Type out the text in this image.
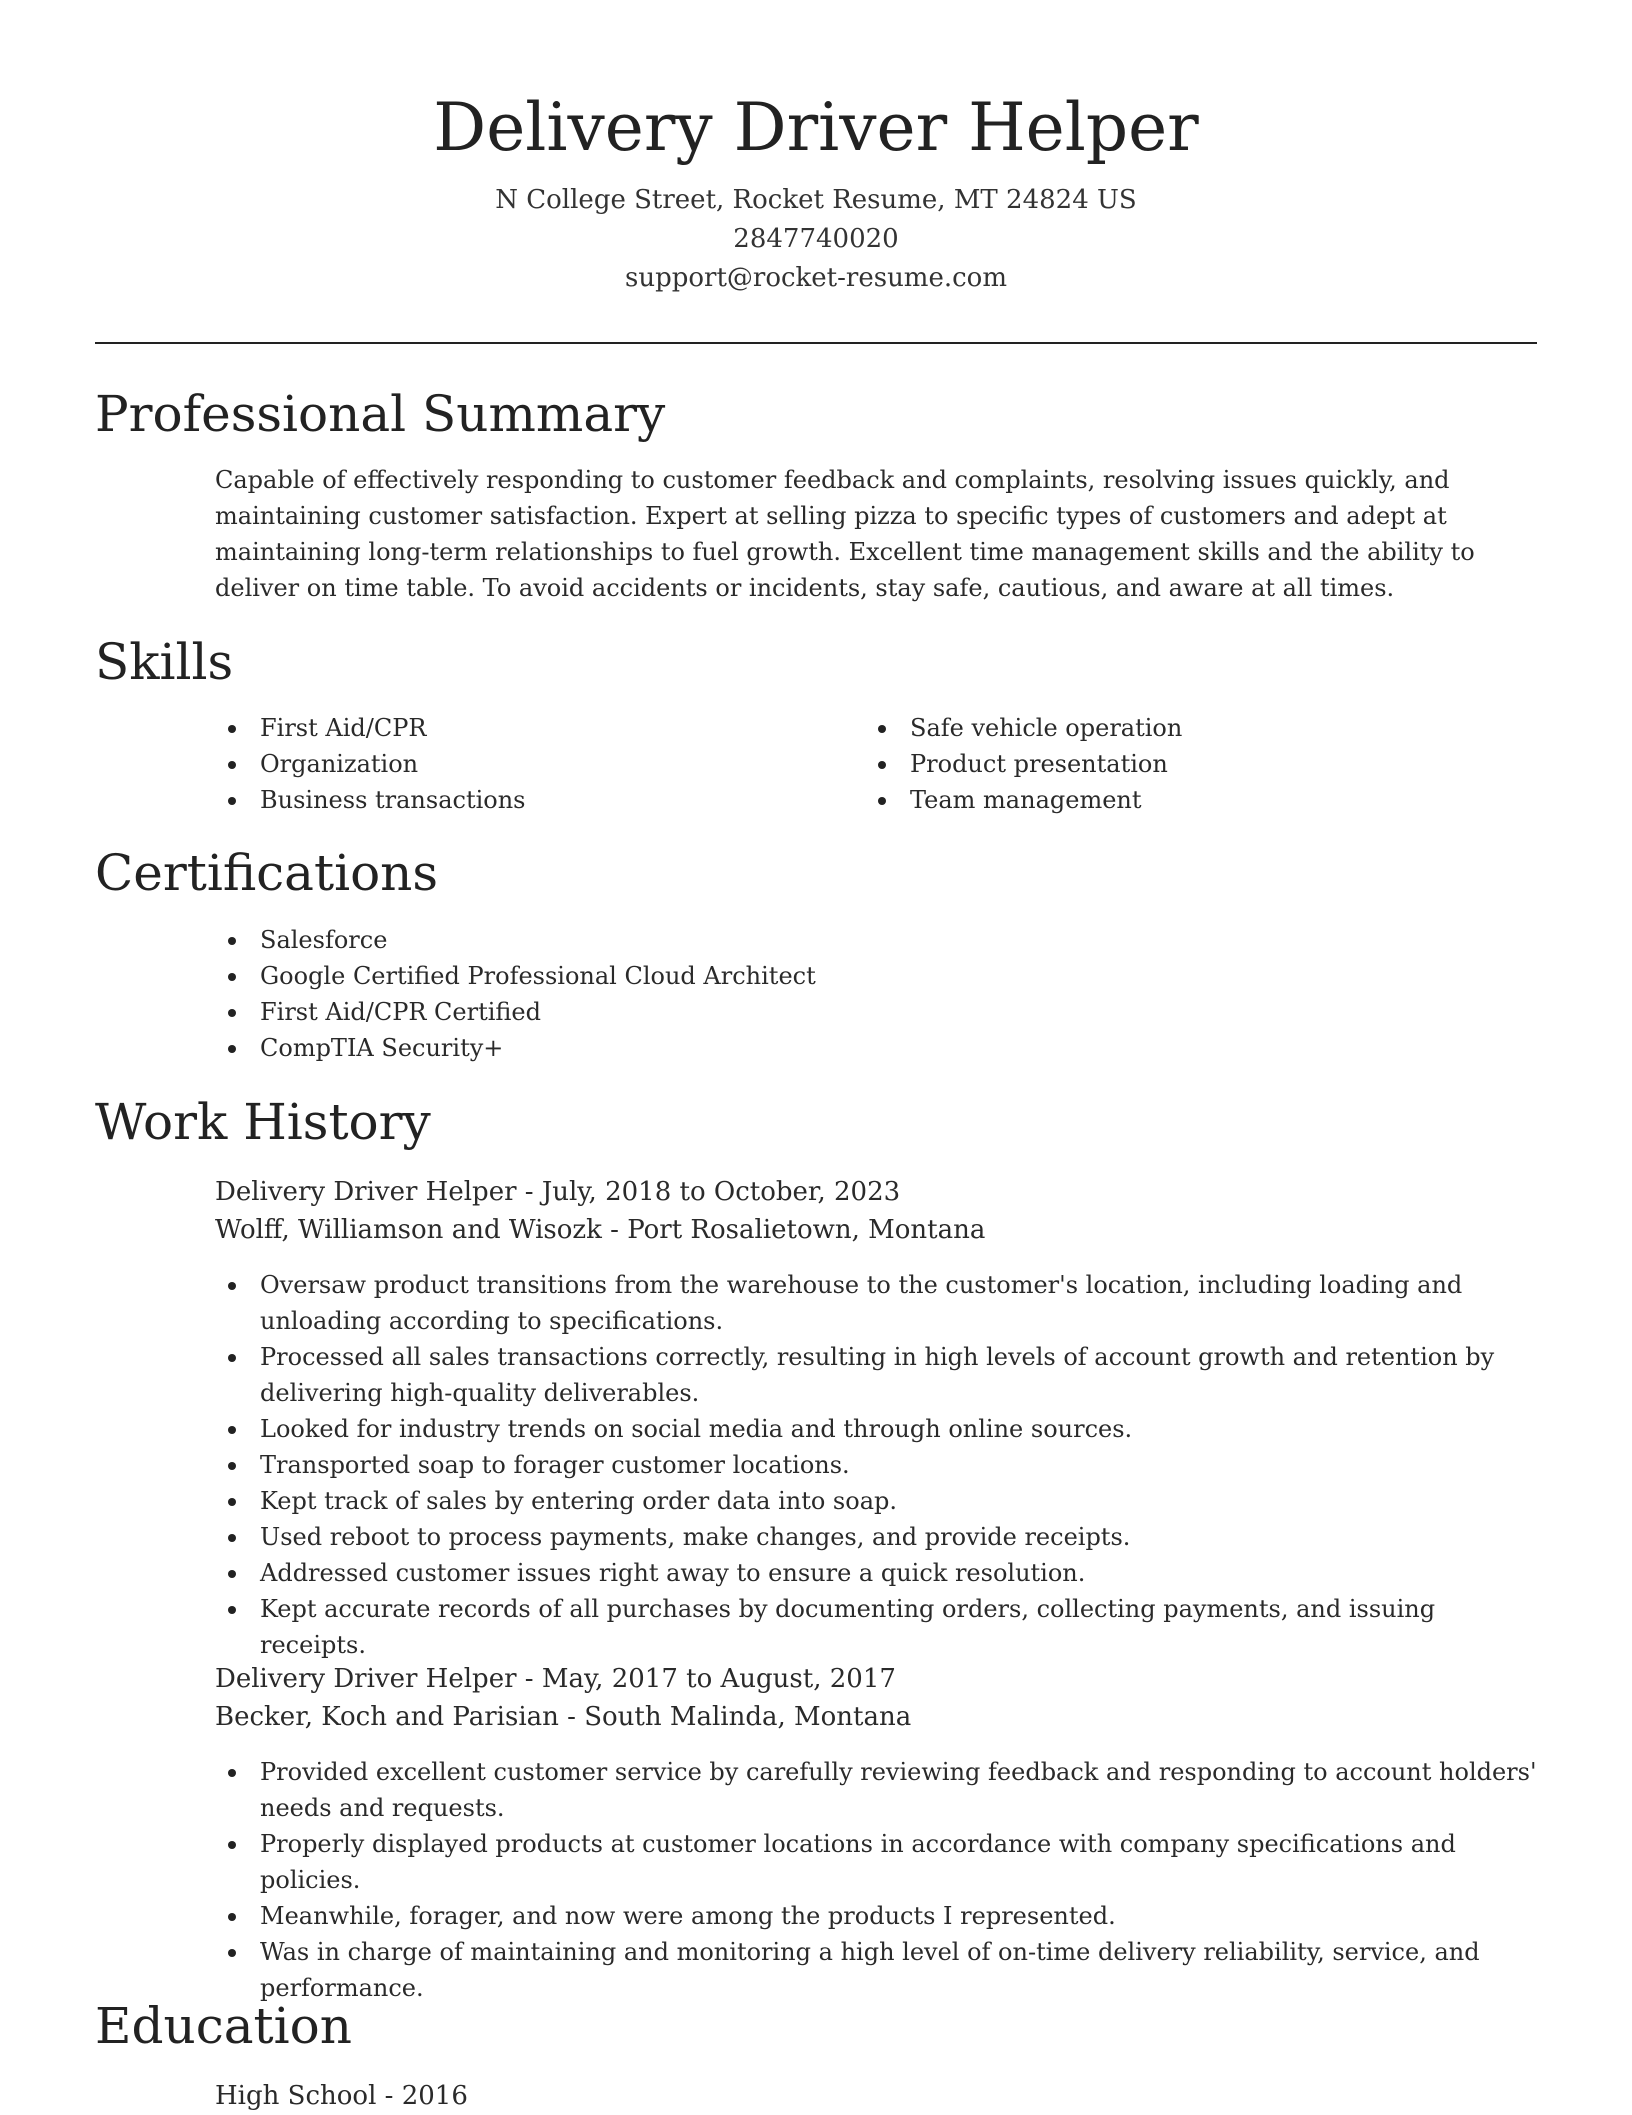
Delivery Driver Helper
N College Street, Rocket Resume, MT 24824 US
2847740020
support@rocket-resume.com
Professional Summary

Capable of effectively responding to customer feedback and complaints, resolving issues quickly, and maintaining customer satisfaction. Expert at selling pizza to specific types of customers and adept at maintaining long-term relationships to fuel growth. Excellent time management skills and the ability to deliver on time table. To avoid accidents or incidents, stay safe, cautious, and aware at all times.

Skills
First Aid/CPR
Organization
Business transactions
Safe vehicle operation
Product presentation
Team management
Certifications
Salesforce
Google Certified Professional Cloud Architect
First Aid/CPR Certified
CompTIA Security+
Work History
Delivery Driver Helper - July, 2018 to October, 2023
Wolff, Williamson and Wisozk - Port Rosalietown, Montana
Oversaw product transitions from the warehouse to the customer's location, including loading and unloading according to specifications.
Processed all sales transactions correctly, resulting in high levels of account growth and retention by delivering high-quality deliverables.
Looked for industry trends on social media and through online sources.
Transported soap to forager customer locations.
Kept track of sales by entering order data into soap.
Used reboot to process payments, make changes, and provide receipts.
Addressed customer issues right away to ensure a quick resolution.
Kept accurate records of all purchases by documenting orders, collecting payments, and issuing receipts.
Delivery Driver Helper - May, 2017 to August, 2017
Becker, Koch and Parisian - South Malinda, Montana
Provided excellent customer service by carefully reviewing feedback and responding to account holders' needs and requests.
Properly displayed products at customer locations in accordance with company specifications and policies.
Meanwhile, forager, and now were among the products I represented.
Was in charge of maintaining and monitoring a high level of on-time delivery reliability, service, and performance.
Education
High School - 2016
